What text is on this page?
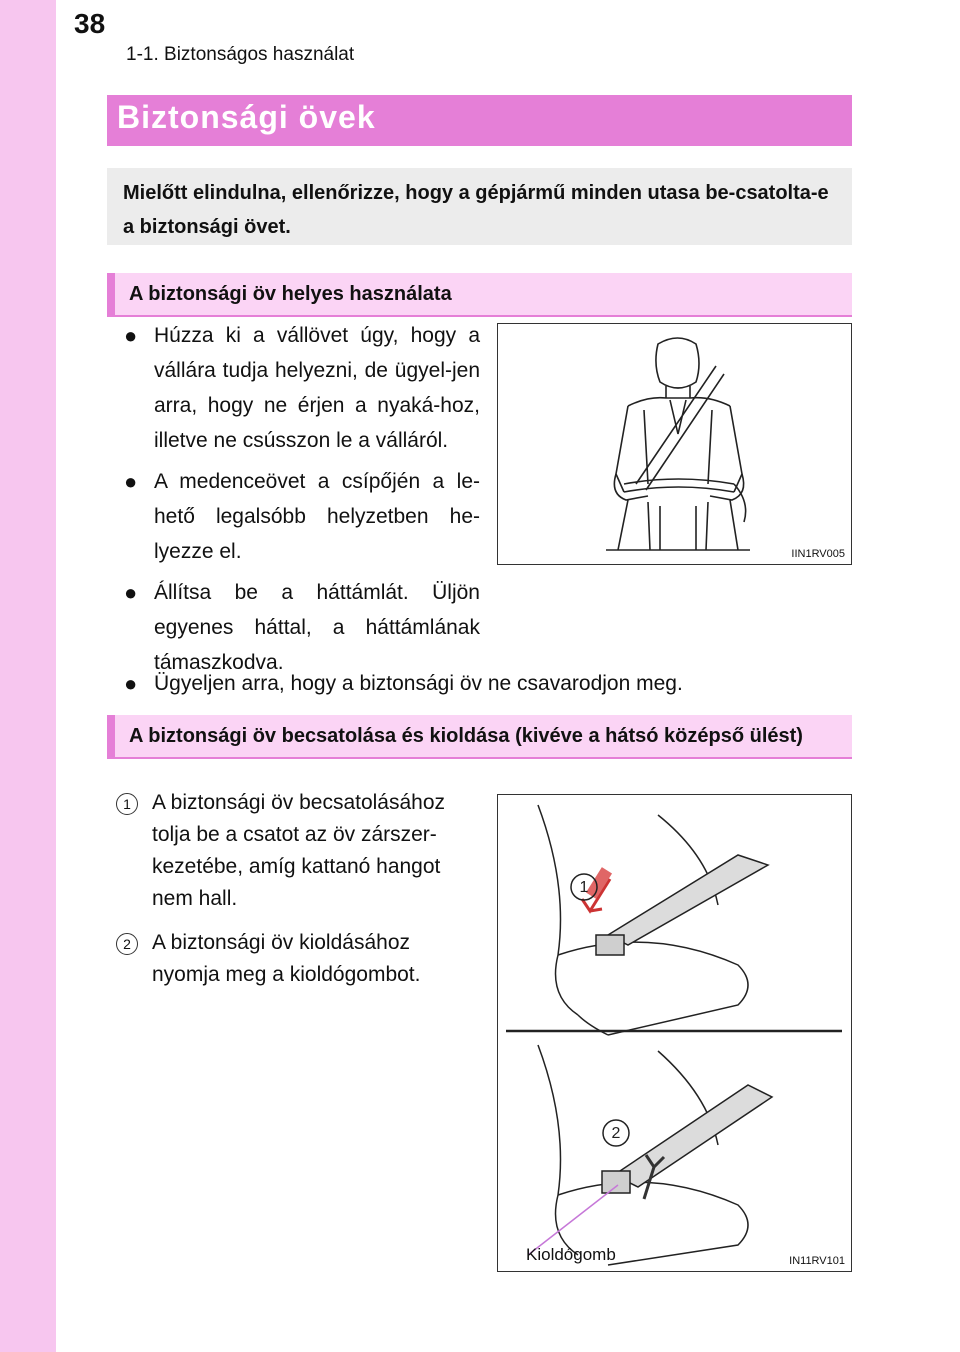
38
1-1. Biztonságos használat
Biztonsági övek
Mielőtt elindulna, ellenőrizze, hogy a gépjármű minden utasa be-csatolta-e a biztonsági övet.
A biztonsági öv helyes használata
● Húzza ki a vállövet úgy, hogy a vállára tudja helyezni, de ügyel-jen arra, hogy ne érjen a nyaká-hoz, illetve ne csússzon le a válláról.
● A medenceövet a csípőjén a le-hető legalsóbb helyzetben he-lyezze el.
● Állítsa be a háttámlát. Üljön egyenes háttal, a háttámlának támaszkodva.
● Ügyeljen arra, hogy a biztonsági öv ne csavarodjon meg.
IIN1RV005
A biztonsági öv becsatolása és kioldása (kivéve a hátsó középső ülést)
1	A biztonsági öv becsatolásához tolja be a csatot az öv zárszer-kezetébe, amíg kattanó hangot nem hall.
2	A biztonsági öv kioldásához nyomja meg a kioldógombot.
1
2
Kioldógomb	IN11RV101
